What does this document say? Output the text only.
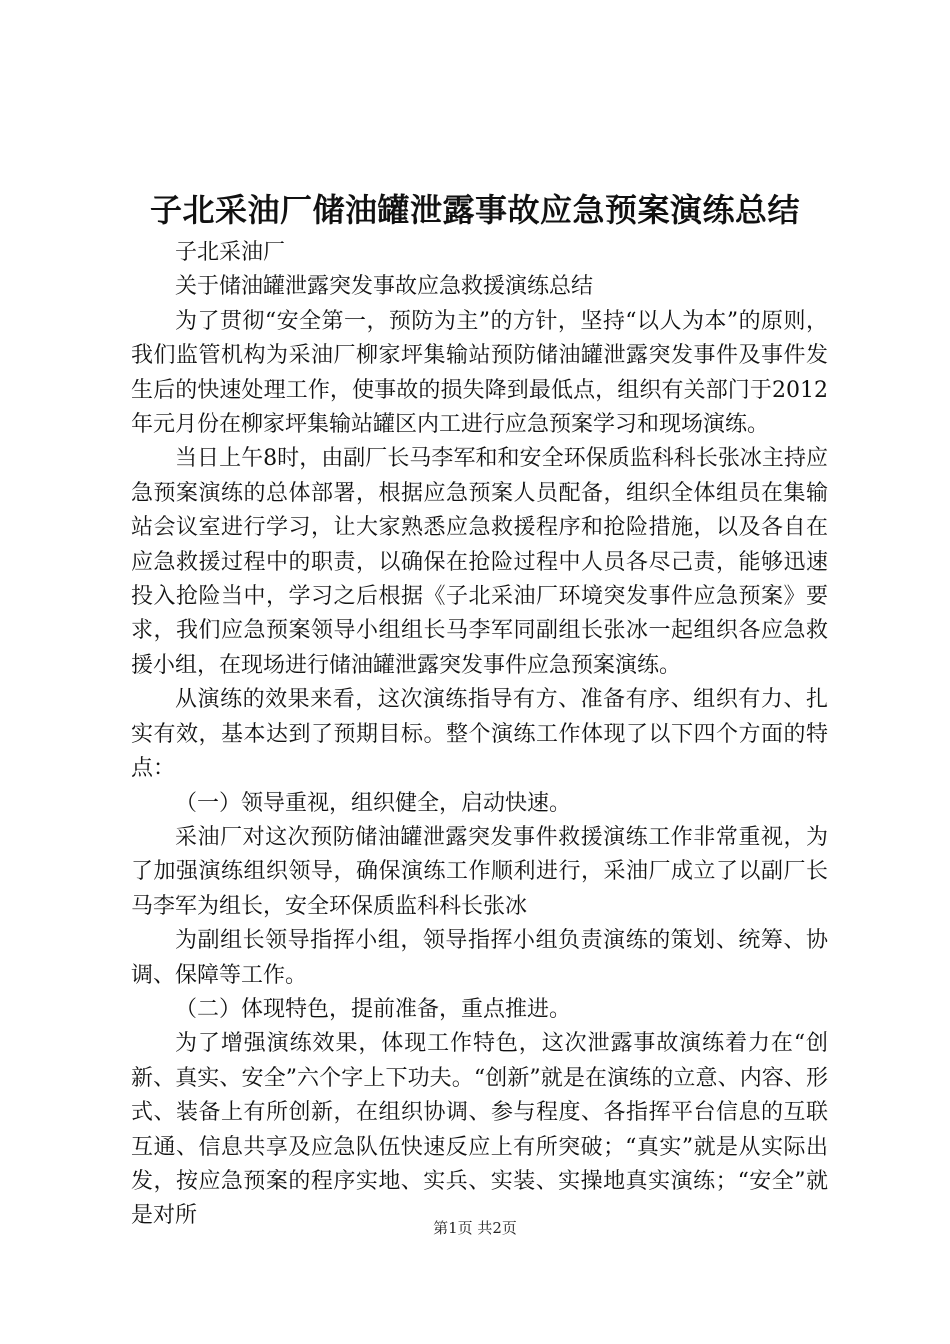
子北采油厂储油罐泄露事故应急预案演练总结

子北采油厂

关于储油罐泄露突发事故应急救援演练总结

为了贯彻“安全第一，预防为主”的方针，坚持“以人为本”的原则，我们监管机构为采油厂柳家坪集输站预防储油罐泄露突发事件及事件发生后的快速处理工作，使事故的损失降到最低点，组织有关部门于2012年元月份在柳家坪集输站罐区内工进行应急预案学习和现场演练。

当日上午8时，由副厂长马李军和和安全环保质监科科长张冰主持应急预案演练的总体部署，根据应急预案人员配备，组织全体组员在集输站会议室进行学习，让大家熟悉应急救援程序和抢险措施，以及各自在应急救援过程中的职责，以确保在抢险过程中人员各尽己责，能够迅速投入抢险当中，学习之后根据《子北采油厂环境突发事件应急预案》要求，我们应急预案领导小组组长马李军同副组长张冰一起组织各应急救援小组，在现场进行储油罐泄露突发事件应急预案演练。

从演练的效果来看，这次演练指导有方、准备有序、组织有力、扎实有效，基本达到了预期目标。整个演练工作体现了以下四个方面的特点：

（一）领导重视，组织健全，启动快速。

采油厂对这次预防储油罐泄露突发事件救援演练工作非常重视，为了加强演练组织领导，确保演练工作顺利进行，采油厂成立了以副厂长马李军为组长，安全环保质监科科长张冰

为副组长领导指挥小组，领导指挥小组负责演练的策划、统筹、协调、保障等工作。

（二）体现特色，提前准备，重点推进。

为了增强演练效果，体现工作特色，这次泄露事故演练着力在“创新、真实、安全”六个字上下功夫。“创新”就是在演练的立意、内容、形式、装备上有所创新，在组织协调、参与程度、各指挥平台信息的互联互通、信息共享及应急队伍快速反应上有所突破；“真实”就是从实际出发，按应急预案的程序实地、实兵、实装、实操地真实演练；“安全”就是对所	第1页 共2页
